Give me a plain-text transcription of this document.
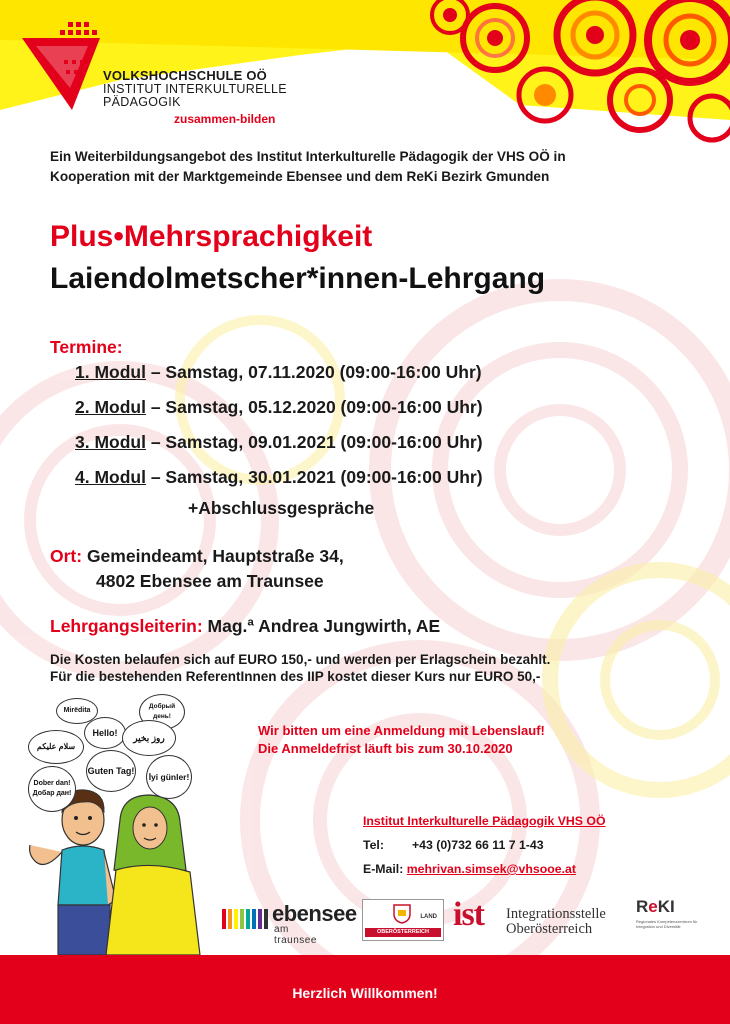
VOLKSHOCHSCHULE OÖ
INSTITUT INTERKULTURELLE
PÄDAGOGIK
zusammen-bilden
Ein Weiterbildungsangebot des Institut Interkulturelle Pädagogik der VHS OÖ in
Kooperation mit der Marktgemeinde Ebensee und dem ReKi Bezirk Gmunden
Plus•Mehrsprachigkeit
Laiendolmetscher*innen-Lehrgang
Termine:
1. Modul – Samstag, 07.11.2020 (09:00-16:00 Uhr)
2. Modul – Samstag, 05.12.2020 (09:00-16:00 Uhr)
3. Modul – Samstag, 09.01.2021 (09:00-16:00 Uhr)
4. Modul – Samstag, 30.01.2021 (09:00-16:00 Uhr)
+Abschlussgespräche
Ort: Gemeindeamt, Hauptstraße 34,
4802 Ebensee am Traunsee
Lehrgangsleiterin: Mag.ª Andrea Jungwirth, AE
Die Kosten belaufen sich auf EURO 150,- und werden per Erlagschein bezahlt.
Für die bestehenden ReferentInnen des IIP kostet dieser Kurs nur EURO 50,-
Wir bitten um eine Anmeldung mit Lebenslauf!
Die Anmeldefrist läuft bis zum 30.10.2020
Mirëdita
Hello!
Добрый день!
سلام عليكم
روز بخير
Guten Tag!
İyi günler!
Dober dan! Добар дан!
Institut Interkulturelle Pädagogik VHS OÖ
Tel: +43 (0)732 66 11 7 1-43
E-Mail: mehrivan.simsek@vhsooe.at
ebensee
am traunsee
LAND
OBERÖSTERREICH ist Integrationsstelle
Oberösterreich
ReKI
Regionales Kompetenzzentrum für Integration und Diversität
Herzlich Willkommen!
